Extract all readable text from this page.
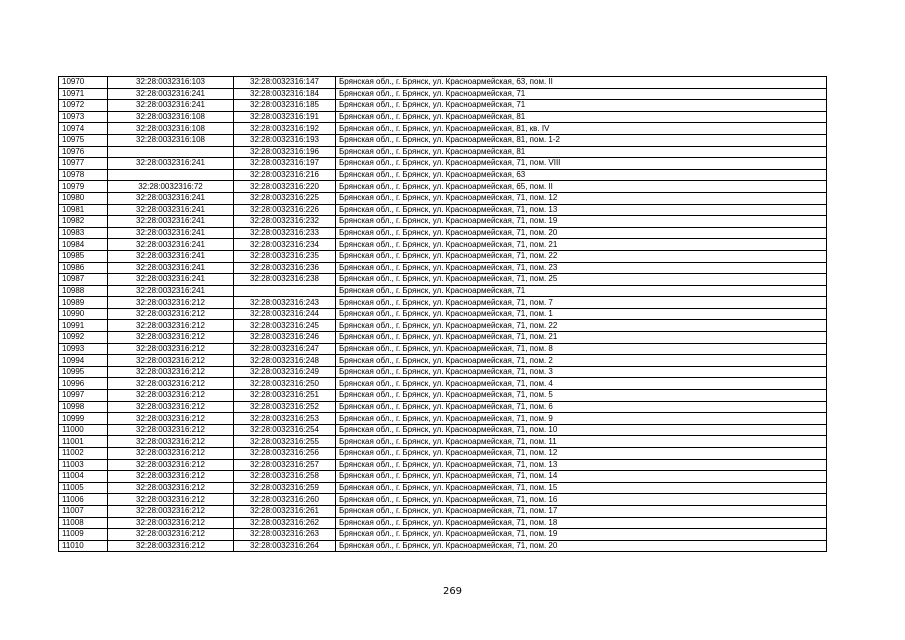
10970	32:28:0032316:103	32:28:0032316:147	Брянская обл., г. Брянск, ул. Красноармейская, 63, пом. II
10971	32:28:0032316:241	32:28:0032316:184	Брянская обл., г. Брянск, ул. Красноармейская, 71
10972	32:28:0032316:241	32:28:0032316:185	Брянская обл., г. Брянск, ул. Красноармейская, 71
10973	32:28:0032316:108	32:28:0032316:191	Брянская обл., г. Брянск, ул. Красноармейская, 81
10974	32:28:0032316:108	32:28:0032316:192	Брянская обл., г. Брянск, ул. Красноармейская, 81, кв. IV
10975	32:28:0032316:108	32:28:0032316:193	Брянская обл., г. Брянск, ул. Красноармейская, 81, пом. 1-2
10976		32:28:0032316:196	Брянская обл., г. Брянск, ул. Красноармейская, 81
10977	32:28:0032316:241	32:28:0032316:197	Брянская обл., г. Брянск, ул. Красноармейская, 71, пом. VIII
10978		32:28:0032316:216	Брянская обл., г. Брянск, ул. Красноармейская, 63
10979	32:28:0032316:72	32:28:0032316:220	Брянская обл., г. Брянск, ул. Красноармейская, 65, пом. II
10980	32:28:0032316:241	32:28:0032316:225	Брянская обл., г. Брянск, ул. Красноармейская, 71, пом. 12
10981	32:28:0032316:241	32:28:0032316:226	Брянская обл., г. Брянск, ул. Красноармейская, 71, пом. 13
10982	32:28:0032316:241	32:28:0032316:232	Брянская обл., г. Брянск, ул. Красноармейская, 71, пом. 19
10983	32:28:0032316:241	32:28:0032316:233	Брянская обл., г. Брянск, ул. Красноармейская, 71, пом. 20
10984	32:28:0032316:241	32:28:0032316:234	Брянская обл., г. Брянск, ул. Красноармейская, 71, пом. 21
10985	32:28:0032316:241	32:28:0032316:235	Брянская обл., г. Брянск, ул. Красноармейская, 71, пом. 22
10986	32:28:0032316:241	32:28:0032316:236	Брянская обл., г. Брянск, ул. Красноармейская, 71, пом. 23
10987	32:28:0032316:241	32:28:0032316:238	Брянская обл., г. Брянск, ул. Красноармейская, 71, пом. 25
10988	32:28:0032316:241		Брянская обл., г. Брянск, ул. Красноармейская, 71
10989	32:28:0032316:212	32:28:0032316:243	Брянская обл., г. Брянск, ул. Красноармейская, 71, пом. 7
10990	32:28:0032316:212	32:28:0032316:244	Брянская обл., г. Брянск, ул. Красноармейская, 71, пом. 1
10991	32:28:0032316:212	32:28:0032316:245	Брянская обл., г. Брянск, ул. Красноармейская, 71, пом. 22
10992	32:28:0032316:212	32:28:0032316:246	Брянская обл., г. Брянск, ул. Красноармейская, 71, пом. 21
10993	32:28:0032316:212	32:28:0032316:247	Брянская обл., г. Брянск, ул. Красноармейская, 71, пом. 8
10994	32:28:0032316:212	32:28:0032316:248	Брянская обл., г. Брянск, ул. Красноармейская, 71, пом. 2
10995	32:28:0032316:212	32:28:0032316:249	Брянская обл., г. Брянск, ул. Красноармейская, 71, пом. 3
10996	32:28:0032316:212	32:28:0032316:250	Брянская обл., г. Брянск, ул. Красноармейская, 71, пом. 4
10997	32:28:0032316:212	32:28:0032316:251	Брянская обл., г. Брянск, ул. Красноармейская, 71, пом. 5
10998	32:28:0032316:212	32:28:0032316:252	Брянская обл., г. Брянск, ул. Красноармейская, 71, пом. 6
10999	32:28:0032316:212	32:28:0032316:253	Брянская обл., г. Брянск, ул. Красноармейская, 71, пом. 9
11000	32:28:0032316:212	32:28:0032316:254	Брянская обл., г. Брянск, ул. Красноармейская, 71, пом. 10
11001	32:28:0032316:212	32:28:0032316:255	Брянская обл., г. Брянск, ул. Красноармейская, 71, пом. 11
11002	32:28:0032316:212	32:28:0032316:256	Брянская обл., г. Брянск, ул. Красноармейская, 71, пом. 12
11003	32:28:0032316:212	32:28:0032316:257	Брянская обл., г. Брянск, ул. Красноармейская, 71, пом. 13
11004	32:28:0032316:212	32:28:0032316:258	Брянская обл., г. Брянск, ул. Красноармейская, 71, пом. 14
11005	32:28:0032316:212	32:28:0032316:259	Брянская обл., г. Брянск, ул. Красноармейская, 71, пом. 15
11006	32:28:0032316:212	32:28:0032316:260	Брянская обл., г. Брянск, ул. Красноармейская, 71, пом. 16
11007	32:28:0032316:212	32:28:0032316:261	Брянская обл., г. Брянск, ул. Красноармейская, 71, пом. 17
11008	32:28:0032316:212	32:28:0032316:262	Брянская обл., г. Брянск, ул. Красноармейская, 71, пом. 18
11009	32:28:0032316:212	32:28:0032316:263	Брянская обл., г. Брянск, ул. Красноармейская, 71, пом. 19
11010	32:28:0032316:212	32:28:0032316:264	Брянская обл., г. Брянск, ул. Красноармейская, 71, пом. 20
269
